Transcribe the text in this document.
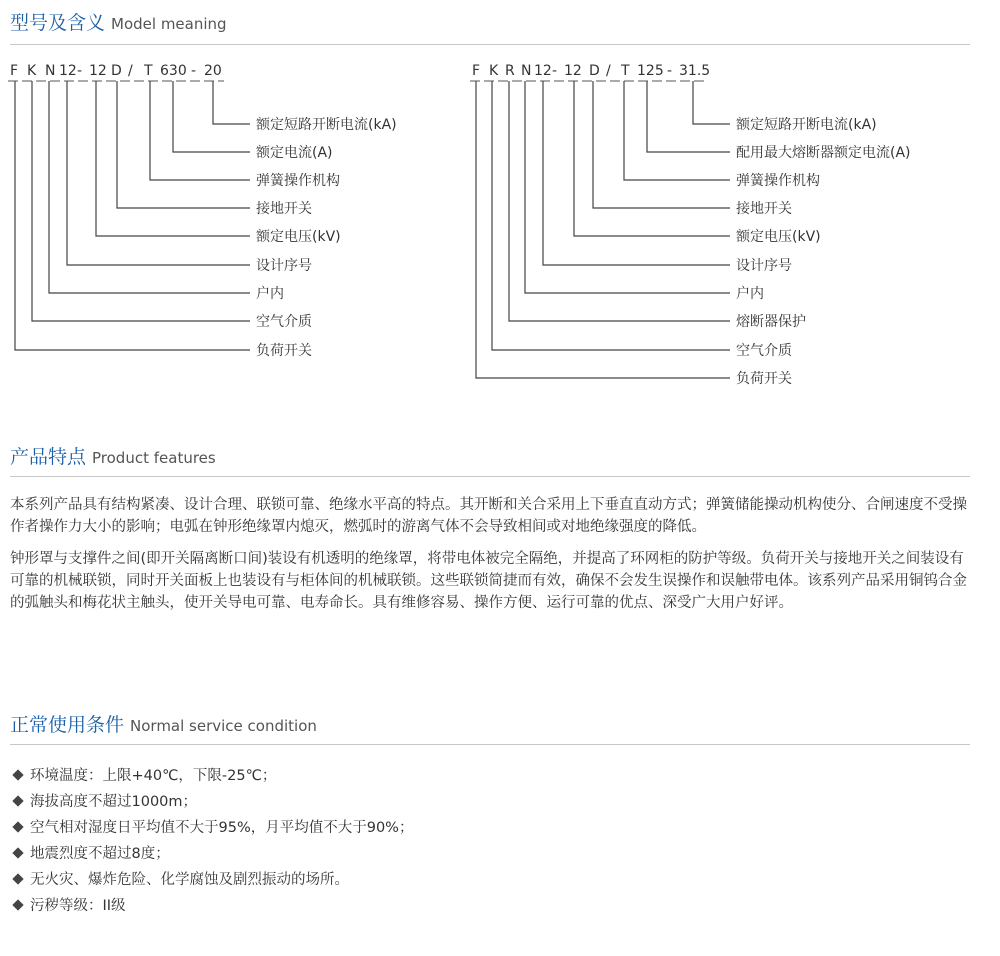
型号及含义 Model meaning
F K N 12 - 12 D / T 630 - 20
额定短路开断电流(kA)
额定电流(A)
弹簧操作机构
接地开关
额定电压(kV)
设计序号
户内
空气介质
负荷开关
F K R N 12 - 12 D / T 125 - 31.5
额定短路开断电流(kA)
配用最大熔断器额定电流(A)
弹簧操作机构
接地开关
额定电压(kV)
设计序号
户内
熔断器保护
空气介质
负荷开关
产品特点 Product features

本系列产品具有结构紧凑、设计合理、联锁可靠、绝缘水平高的特点。其开断和关合采用上下垂直直动方式；弹簧储能操动机构使分、合闸速度不受操作者操作力大小的影响；电弧在钟形绝缘罩内熄灭，燃弧时的游离气体不会导致相间或对地绝缘强度的降低。

钟形罩与支撑件之间(即开关隔离断口间)装设有机透明的绝缘罩，将带电体被完全隔绝，并提高了环网柜的防护等级。负荷开关与接地开关之间装设有可靠的机械联锁，同时开关面板上也装设有与柜体间的机械联锁。这些联锁简捷而有效，确保不会发生误操作和误触带电体。该系列产品采用铜钨合金的弧触头和梅花状主触头，使开关导电可靠、电寿命长。具有维修容易、操作方便、运行可靠的优点、深受广大用户好评。

正常使用条件 Normal service condition
环境温度：上限+40℃，下限-25℃；
海拔高度不超过1000m；
空气相对湿度日平均值不大于95%，月平均值不大于90%；
地震烈度不超过8度；
无火灾、爆炸危险、化学腐蚀及剧烈振动的场所。
污秽等级：II级
